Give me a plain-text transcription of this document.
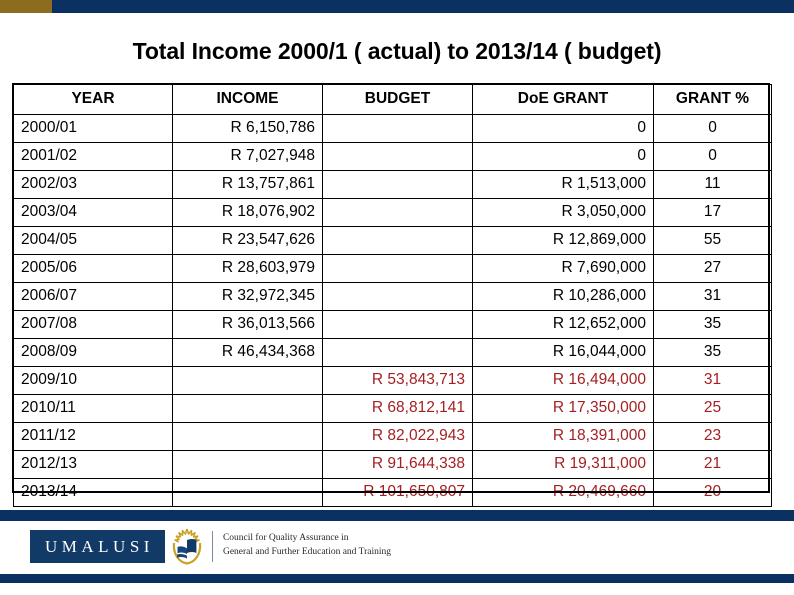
Total Income 2000/1 ( actual) to 2013/14 ( budget)
YEAR	INCOME	BUDGET	DoE GRANT	GRANT %
2000/01	R 6,150,786		0	0
2001/02	R 7,027,948		0	0
2002/03	R 13,757,861		R 1,513,000	11
2003/04	R 18,076,902		R 3,050,000	17
2004/05	R 23,547,626		R 12,869,000	55
2005/06	R 28,603,979		R 7,690,000	27
2006/07	R 32,972,345		R 10,286,000	31
2007/08	R 36,013,566		R 12,652,000	35
2008/09	R 46,434,368		R 16,044,000	35
2009/10		R 53,843,713	R 16,494,000	31
2010/11		R 68,812,141	R 17,350,000	25
2011/12		R 82,022,943	R 18,391,000	23
2012/13		R 91,644,338	R 19,311,000	21
2013/14		R 101,650,807	R 20,469,660	20
UMALUSI	Council for Quality Assurance in
General and Further Education and Training
